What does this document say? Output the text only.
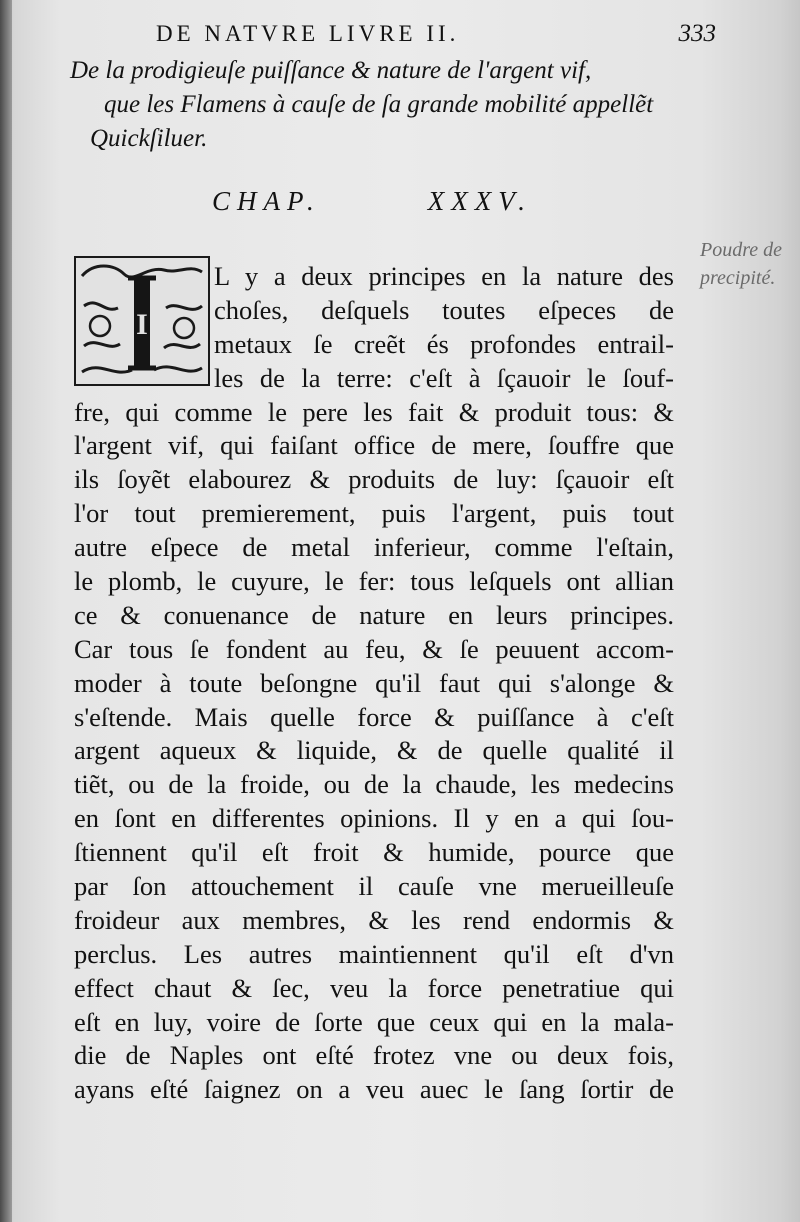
DE NATVRE LIVRE II.	333
De la prodigieuſe puiſſance & nature de l'argent vif,
que les Flamens à cauſe de ſa grande mobilité appellẽt
Quickſiluer.
CHAP.	XXXV.
Poudre de
precipité.
I
L y a deux principes en la nature des
choſes, deſquels toutes eſpeces de
metaux ſe creẽt és profondes entrail-
les de la terre: c'eſt à ſçauoir le ſouf-
fre, qui comme le pere les fait & produit tous: &
l'argent vif, qui faiſant office de mere, ſouffre que
ils ſoyẽt elabourez & produits de luy: ſçauoir eſt
l'or tout premierement, puis l'argent, puis tout
autre eſpece de metal inferieur, comme l'eſtain,
le plomb, le cuyure, le fer: tous leſquels ont allian
ce & conuenance de nature en leurs principes.
Car tous ſe fondent au feu, & ſe peuuent accom-
moder à toute beſongne qu'il faut qui s'alonge &
s'eſtende. Mais quelle force & puiſſance à c'eſt
argent aqueux & liquide, & de quelle qualité il
tiẽt, ou de la froide, ou de la chaude, les medecins
en ſont en differentes opinions. Il y en a qui ſou-
ſtiennent qu'il eſt froit & humide, pource que
par ſon attouchement il cauſe vne merueilleuſe
froideur aux membres, & les rend endormis &
perclus. Les autres maintiennent qu'il eſt d'vn
effect chaut & ſec, veu la force penetratiue qui
eſt en luy, voire de ſorte que ceux qui en la mala-
die de Naples ont eſté frotez vne ou deux fois,
ayans eſté ſaignez on a veu auec le ſang ſortir de
